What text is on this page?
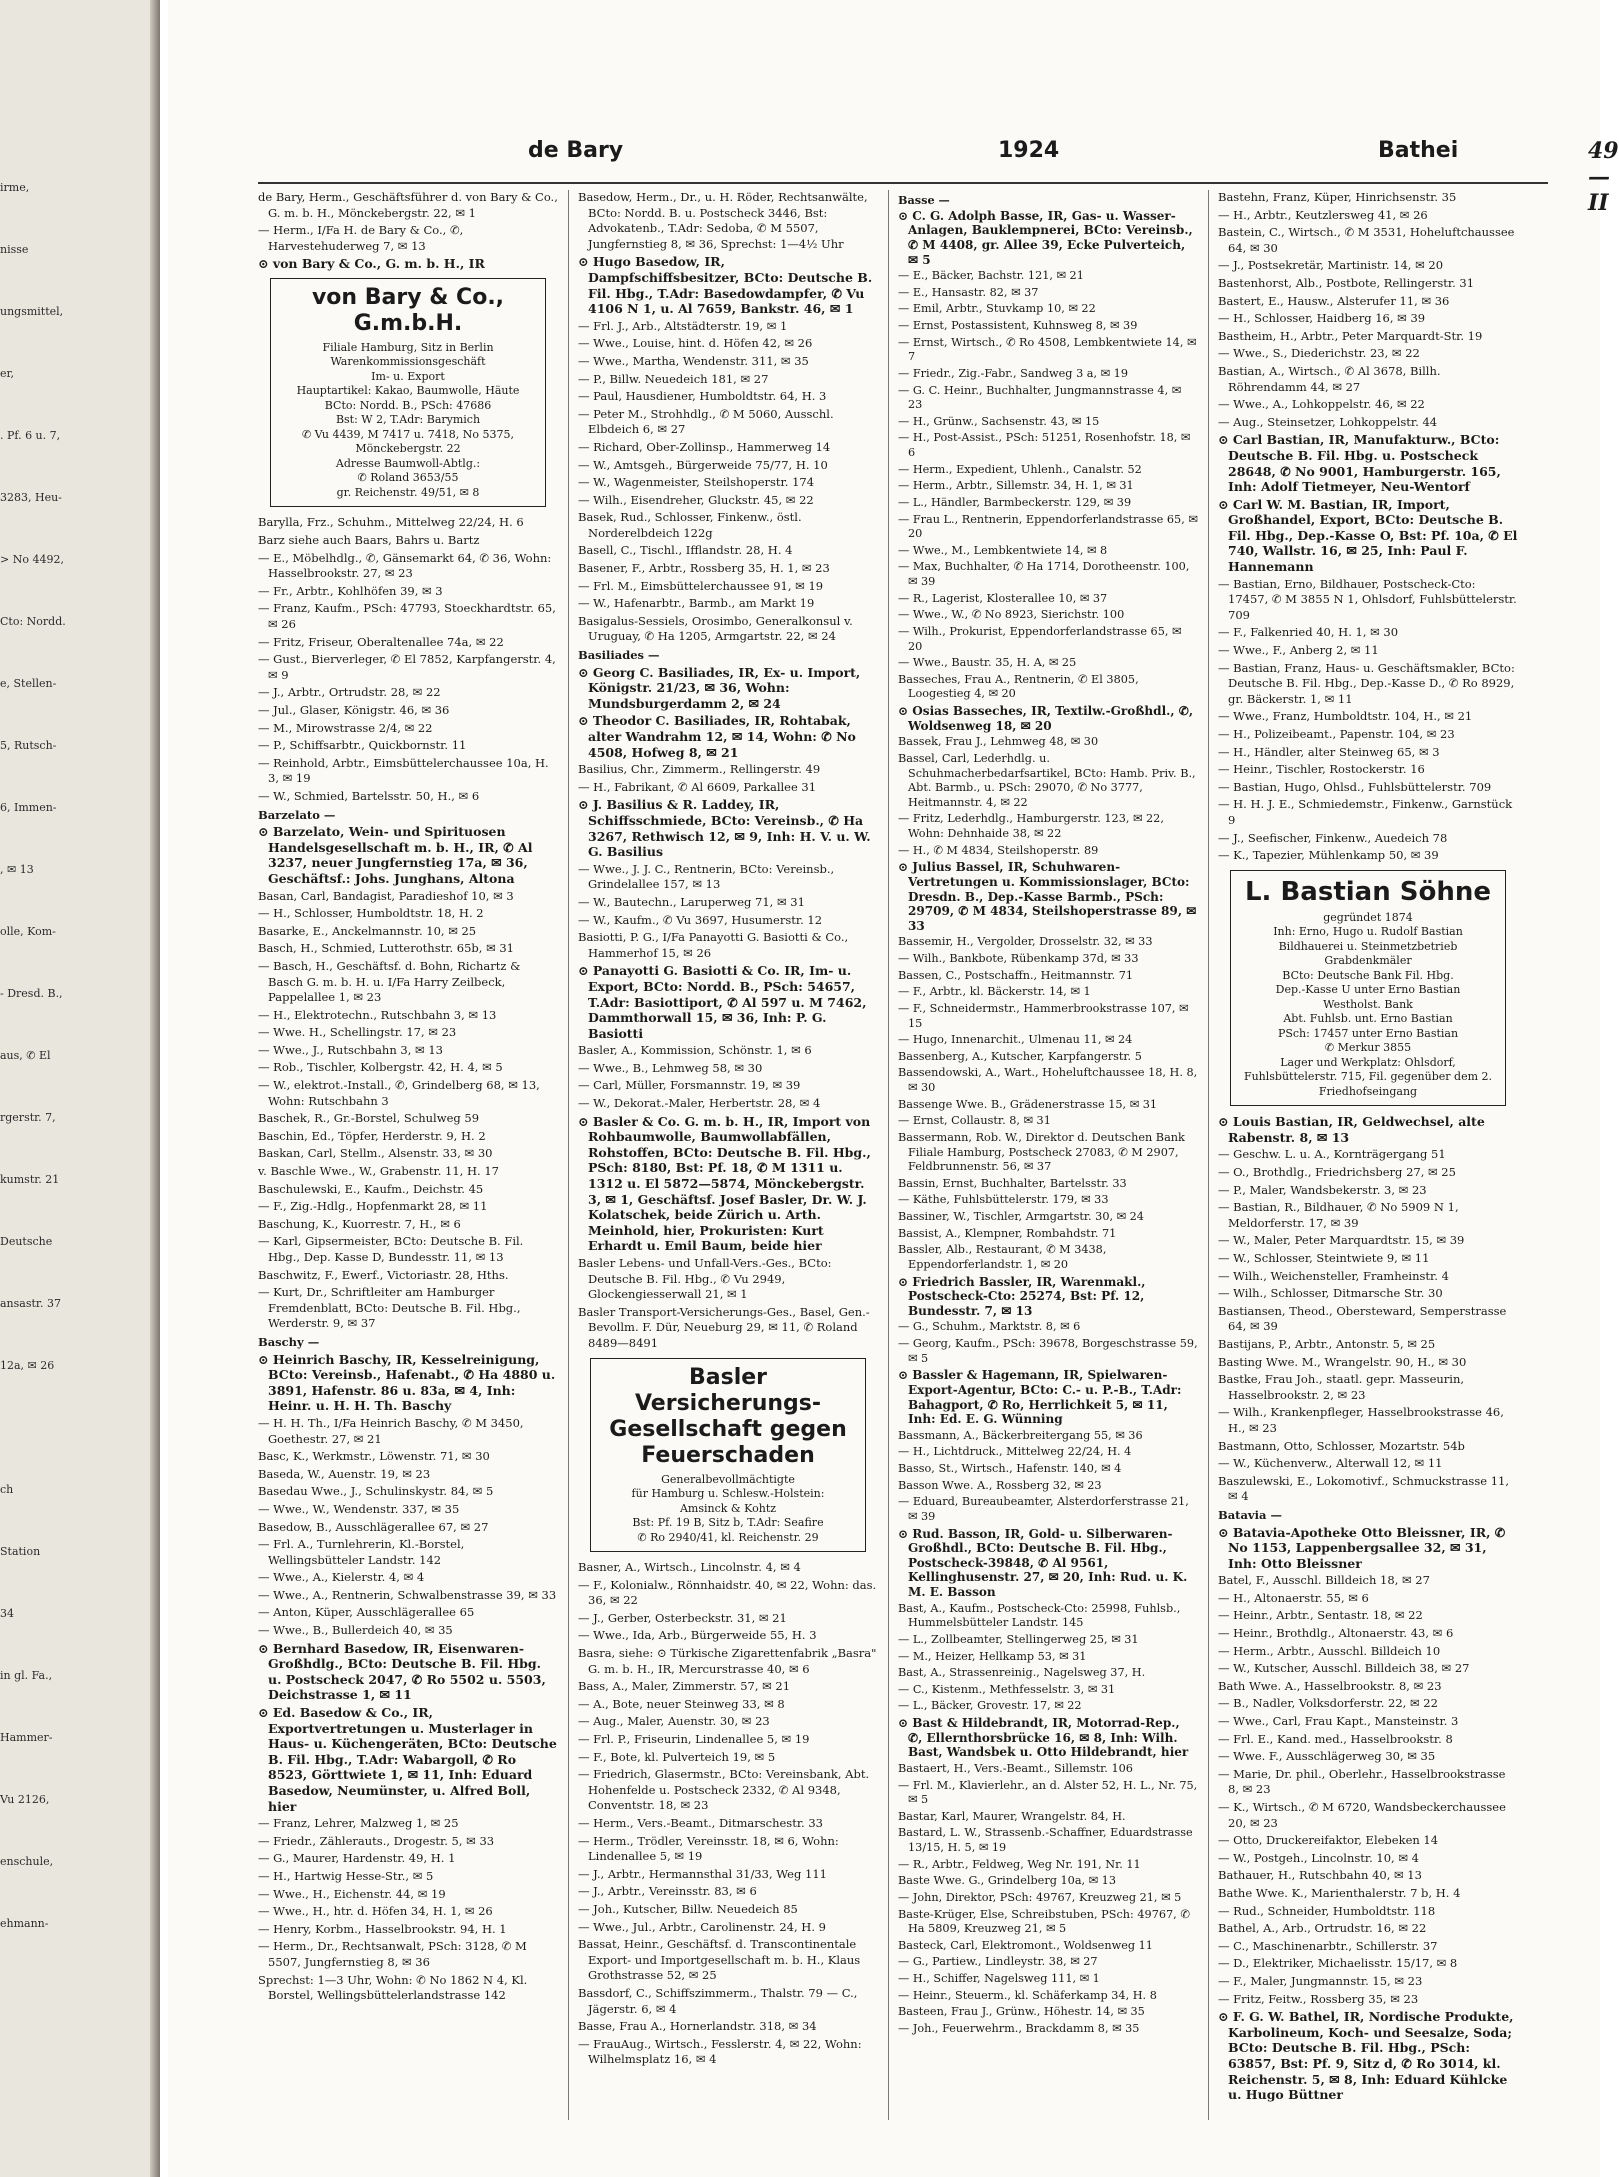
irme,
nisse
ungsmittel,
er,
. Pf. 6 u. 7,
3283, Heu-
> No 4492,
Cto: Nordd.
e, Stellen-
5, Rutsch-
6, Immen-
, ✉ 13
olle, Kom-
- Dresd. B.,
aus, ✆ El
rgerstr. 7,
kumstr. 21
Deutsche
ansastr. 37
12a, ✉ 26
ch
Station
34
in gl. Fa.,
Hammer-
Vu 2126,
enschule,
ehmann-
de Bary	1924	Bathei	49—II
de Bary, Herm., Geschäftsführer d. von Bary & Co., G. m. b. H., Mönckebergstr. 22, ✉ 1
— Herm., I/Fa H. de Bary & Co., ✆, Harvestehuderweg 7, ✉ 13
⊙ von Bary & Co., G. m. b. H., IR
von Bary & Co., G.m.b.H.
Filiale Hamburg, Sitz in Berlin
Warenkommissionsgeschäft
Im- u. Export
Hauptartikel: Kakao, Baumwolle, Häute
BCto: Nordd. B., PSch: 47686
Bst: W 2, T.Adr: Barymich
✆ Vu 4439, M 7417 u. 7418, No 5375, Mönckebergstr. 22
Adresse Baumwoll-Abtlg.:
✆ Roland 3653/55
gr. Reichenstr. 49/51, ✉ 8
Barylla, Frz., Schuhm., Mittelweg 22/24, H. 6
Barz siehe auch Baars, Bahrs u. Bartz
— E., Möbelhdlg., ✆, Gänsemarkt 64, ✆ 36, Wohn: Hasselbrookstr. 27, ✉ 23
— Fr., Arbtr., Kohlhöfen 39, ✉ 3
— Franz, Kaufm., PSch: 47793, Stoeckhardtstr. 65, ✉ 26
— Fritz, Friseur, Oberaltenallee 74a, ✉ 22
— Gust., Bierverleger, ✆ El 7852, Karpfangerstr. 4, ✉ 9
— J., Arbtr., Ortrudstr. 28, ✉ 22
— Jul., Glaser, Königstr. 46, ✉ 36
— M., Mirowstrasse 2/4, ✉ 22
— P., Schiffsarbtr., Quickbornstr. 11
— Reinhold, Arbtr., Eimsbüttelerchaussee 10a, H. 3, ✉ 19
— W., Schmied, Bartelsstr. 50, H., ✉ 6
Barzelato —
⊙ Barzelato, Wein- und Spirituosen Handelsgesellschaft m. b. H., IR, ✆ Al 3237, neuer Jungfernstieg 17a, ✉ 36, Geschäftsf.: Johs. Junghans, Altona
Basan, Carl, Bandagist, Paradieshof 10, ✉ 3
— H., Schlosser, Humboldtstr. 18, H. 2
Basarke, E., Anckelmannstr. 10, ✉ 25
Basch, H., Schmied, Lutterothstr. 65b, ✉ 31
— Basch, H., Geschäftsf. d. Bohn, Richartz & Basch G. m. b. H. u. I/Fa Harry Zeilbeck, Pappelallee 1, ✉ 23
— H., Elektrotechn., Rutschbahn 3, ✉ 13
— Wwe. H., Schellingstr. 17, ✉ 23
— Wwe., J., Rutschbahn 3, ✉ 13
— Rob., Tischler, Kolbergstr. 42, H. 4, ✉ 5
— W., elektrot.-Install., ✆, Grindelberg 68, ✉ 13, Wohn: Rutschbahn 3
Baschek, R., Gr.-Borstel, Schulweg 59
Baschin, Ed., Töpfer, Herderstr. 9, H. 2
Baskan, Carl, Stellm., Alsenstr. 33, ✉ 30
v. Baschle Wwe., W., Grabenstr. 11, H. 17
Baschulewski, E., Kaufm., Deichstr. 45
— F., Zig.-Hdlg., Hopfenmarkt 28, ✉ 11
Baschung, K., Kuorrestr. 7, H., ✉ 6
— Karl, Gipsermeister, BCto: Deutsche B. Fil. Hbg., Dep. Kasse D, Bundesstr. 11, ✉ 13
Baschwitz, F., Ewerf., Victoriastr. 28, Hths.
— Kurt, Dr., Schriftleiter am Hamburger Fremdenblatt, BCto: Deutsche B. Fil. Hbg., Werderstr. 9, ✉ 37
Baschy —
⊙ Heinrich Baschy, IR, Kesselreinigung, BCto: Vereinsb., Hafenabt., ✆ Ha 4880 u. 3891, Hafenstr. 86 u. 83a, ✉ 4, Inh: Heinr. u. H. H. Th. Baschy
— H. H. Th., I/Fa Heinrich Baschy, ✆ M 3450, Goethestr. 27, ✉ 21
Basc, K., Werkmstr., Löwenstr. 71, ✉ 30
Baseda, W., Auenstr. 19, ✉ 23
Basedau Wwe., J., Schulinskystr. 84, ✉ 5
— Wwe., W., Wendenstr. 337, ✉ 35
Basedow, B., Ausschlägerallee 67, ✉ 27
— Frl. A., Turnlehrerin, Kl.-Borstel, Wellingsbütteler Landstr. 142
— Wwe., A., Kielerstr. 4, ✉ 4
— Wwe., A., Rentnerin, Schwalbenstrasse 39, ✉ 33
— Anton, Küper, Ausschlägerallee 65
— Wwe., B., Bullerdeich 40, ✉ 35
⊙ Bernhard Basedow, IR, Eisenwaren-Großhdlg., BCto: Deutsche B. Fil. Hbg. u. Postscheck 2047, ✆ Ro 5502 u. 5503, Deichstrasse 1, ✉ 11
⊙ Ed. Basedow & Co., IR, Exportvertretungen u. Musterlager in Haus- u. Küchengeräten, BCto: Deutsche B. Fil. Hbg., T.Adr: Wabargoll, ✆ Ro 8523, Görttwiete 1, ✉ 11, Inh: Eduard Basedow, Neumünster, u. Alfred Boll, hier
— Franz, Lehrer, Malzweg 1, ✉ 25
— Friedr., Zählerauts., Drogestr. 5, ✉ 33
— G., Maurer, Hardenstr. 49, H. 1
— H., Hartwig Hesse-Str., ✉ 5
— Wwe., H., Eichenstr. 44, ✉ 19
— Wwe., H., htr. d. Höfen 34, H. 1, ✉ 26
— Henry, Korbm., Hasselbrookstr. 94, H. 1
— Herm., Dr., Rechtsanwalt, PSch: 3128, ✆ M 5507, Jungfernstieg 8, ✉ 36
Sprechst: 1—3 Uhr, Wohn: ✆ No 1862 N 4, Kl. Borstel, Wellingsbüttelerlandstrasse 142
Basedow, Herm., Dr., u. H. Röder, Rechtsanwälte, BCto: Nordd. B. u. Postscheck 3446, Bst: Advokatenb., T.Adr: Sedoba, ✆ M 5507, Jungfernstieg 8, ✉ 36, Sprechst: 1—4½ Uhr
⊙ Hugo Basedow, IR, Dampfschiffsbesitzer, BCto: Deutsche B. Fil. Hbg., T.Adr: Basedowdampfer, ✆ Vu 4106 N 1, u. Al 7659, Bankstr. 46, ✉ 1
— Frl. J., Arb., Altstädterstr. 19, ✉ 1
— Wwe., Louise, hint. d. Höfen 42, ✉ 26
— Wwe., Martha, Wendenstr. 311, ✉ 35
— P., Billw. Neuedeich 181, ✉ 27
— Paul, Hausdiener, Humboldtstr. 64, H. 3
— Peter M., Strohhdlg., ✆ M 5060, Ausschl. Elbdeich 6, ✉ 27
— Richard, Ober-Zollinsp., Hammerweg 14
— W., Amtsgeh., Bürgerweide 75/77, H. 10
— W., Wagenmeister, Steilshoperstr. 174
— Wilh., Eisendreher, Gluckstr. 45, ✉ 22
Basek, Rud., Schlosser, Finkenw., östl. Norderelbdeich 122g
Basell, C., Tischl., Ifflandstr. 28, H. 4
Basener, F., Arbtr., Rossberg 35, H. 1, ✉ 23
— Frl. M., Eimsbüttelerchaussee 91, ✉ 19
— W., Hafenarbtr., Barmb., am Markt 19
Basigalus-Sessiels, Orosimbo, Generalkonsul v. Uruguay, ✆ Ha 1205, Armgartstr. 22, ✉ 24
Basiliades —
⊙ Georg C. Basiliades, IR, Ex- u. Import, Königstr. 21/23, ✉ 36, Wohn: Mundsburgerdamm 2, ✉ 24
⊙ Theodor C. Basiliades, IR, Rohtabak, alter Wandrahm 12, ✉ 14, Wohn: ✆ No 4508, Hofweg 8, ✉ 21
Basilius, Chr., Zimmerm., Rellingerstr. 49
— H., Fabrikant, ✆ Al 6609, Parkallee 31
⊙ J. Basilius & R. Laddey, IR, Schiffsschmiede, BCto: Vereinsb., ✆ Ha 3267, Rethwisch 12, ✉ 9, Inh: H. V. u. W. G. Basilius
— Wwe., J. J. C., Rentnerin, BCto: Vereinsb., Grindelallee 157, ✉ 13
— W., Bautechn., Laruperweg 71, ✉ 31
— W., Kaufm., ✆ Vu 3697, Husumerstr. 12
Basiotti, P. G., I/Fa Panayotti G. Basiotti & Co., Hammerhof 15, ✉ 26
⊙ Panayotti G. Basiotti & Co. IR, Im- u. Export, BCto: Nordd. B., PSch: 54657, T.Adr: Basiottiport, ✆ Al 597 u. M 7462, Dammthorwall 15, ✉ 36, Inh: P. G. Basiotti
Basler, A., Kommission, Schönstr. 1, ✉ 6
— Wwe., B., Lehmweg 58, ✉ 30
— Carl, Müller, Forsmannstr. 19, ✉ 39
— W., Dekorat.-Maler, Herbertstr. 28, ✉ 4
⊙ Basler & Co. G. m. b. H., IR, Import von Rohbaumwolle, Baumwollabfällen, Rohstoffen, BCto: Deutsche B. Fil. Hbg., PSch: 8180, Bst: Pf. 18, ✆ M 1311 u. 1312 u. El 5872—5874, Mönckebergstr. 3, ✉ 1, Geschäftsf. Josef Basler, Dr. W. J. Kolatschek, beide Zürich u. Arth. Meinhold, hier, Prokuristen: Kurt Erhardt u. Emil Baum, beide hier
Basler Lebens- und Unfall-Vers.-Ges., BCto: Deutsche B. Fil. Hbg., ✆ Vu 2949, Glockengiesserwall 21, ✉ 1
Basler Transport-Versicherungs-Ges., Basel, Gen.-Bevollm. F. Dür, Neueburg 29, ✉ 11, ✆ Roland 8489—8491
Basler Versicherungs-Gesellschaft gegen Feuerschaden
Generalbevollmächtigte
für Hamburg u. Schlesw.-Holstein:
Amsinck & Kohtz
Bst: Pf. 19 B, Sitz b, T.Adr: Seafire
✆ Ro 2940/41, kl. Reichenstr. 29
Basner, A., Wirtsch., Lincolnstr. 4, ✉ 4
— F., Kolonialw., Rönnhaidstr. 40, ✉ 22, Wohn: das. 36, ✉ 22
— J., Gerber, Osterbeckstr. 31, ✉ 21
— Wwe., Ida, Arb., Bürgerweide 55, H. 3
Basra, siehe: ⊙ Türkische Zigarettenfabrik „Basra" G. m. b. H., IR, Mercurstrasse 40, ✉ 6
Bass, A., Maler, Zimmerstr. 57, ✉ 21
— A., Bote, neuer Steinweg 33, ✉ 8
— Aug., Maler, Auenstr. 30, ✉ 23
— Frl. P., Friseurin, Lindenallee 5, ✉ 19
— F., Bote, kl. Pulverteich 19, ✉ 5
— Friedrich, Glasermstr., BCto: Vereinsbank, Abt. Hohenfelde u. Postscheck 2332, ✆ Al 9348, Conventstr. 18, ✉ 23
— Herm., Vers.-Beamt., Ditmarschestr. 33
— Herm., Trödler, Vereinsstr. 18, ✉ 6, Wohn: Lindenallee 5, ✉ 19
— J., Arbtr., Hermannsthal 31/33, Weg 111
— J., Arbtr., Vereinsstr. 83, ✉ 6
— Joh., Kutscher, Billw. Neuedeich 85
— Wwe., Jul., Arbtr., Carolinenstr. 24, H. 9
Bassat, Heinr., Geschäftsf. d. Transcontinentale Export- und Importgesellschaft m. b. H., Klaus Grothstrasse 52, ✉ 25
Bassdorf, C., Schiffszimmerm., Thalstr. 79 — C., Jägerstr. 6, ✉ 4
Basse, Frau A., Hornerlandstr. 318, ✉ 34
— FrauAug., Wirtsch., Fesslerstr. 4, ✉ 22, Wohn: Wilhelmsplatz 16, ✉ 4
Basse —
⊙ C. G. Adolph Basse, IR, Gas- u. Wasser-Anlagen, Bauklempnerei, BCto: Vereinsb., ✆ M 4408, gr. Allee 39, Ecke Pulverteich, ✉ 5
— E., Bäcker, Bachstr. 121, ✉ 21
— E., Hansastr. 82, ✉ 37
— Emil, Arbtr., Stuvkamp 10, ✉ 22
— Ernst, Postassistent, Kuhnsweg 8, ✉ 39
— Ernst, Wirtsch., ✆ Ro 4508, Lembkentwiete 14, ✉ 7
— Friedr., Zig.-Fabr., Sandweg 3 a, ✉ 19
— G. C. Heinr., Buchhalter, Jungmannstrasse 4, ✉ 23
— H., Grünw., Sachsenstr. 43, ✉ 15
— H., Post-Assist., PSch: 51251, Rosenhofstr. 18, ✉ 6
— Herm., Expedient, Uhlenh., Canalstr. 52
— Herm., Arbtr., Sillemstr. 34, H. 1, ✉ 31
— L., Händler, Barmbeckerstr. 129, ✉ 39
— Frau L., Rentnerin, Eppendorferlandstrasse 65, ✉ 20
— Wwe., M., Lembkentwiete 14, ✉ 8
— Max, Buchhalter, ✆ Ha 1714, Dorotheenstr. 100, ✉ 39
— R., Lagerist, Klosterallee 10, ✉ 37
— Wwe., W., ✆ No 8923, Sierichstr. 100
— Wilh., Prokurist, Eppendorferlandstrasse 65, ✉ 20
— Wwe., Baustr. 35, H. A, ✉ 25
Basseches, Frau A., Rentnerin, ✆ El 3805, Loogestieg 4, ✉ 20
⊙ Osias Basseches, IR, Textilw.-Großhdl., ✆, Woldsenweg 18, ✉ 20
Bassek, Frau J., Lehmweg 48, ✉ 30
Bassel, Carl, Lederhdlg. u. Schuhmacherbedarfsartikel, BCto: Hamb. Priv. B., Abt. Barmb., u. PSch: 29070, ✆ No 3777, Heitmannstr. 4, ✉ 22
— Fritz, Lederhdlg., Hamburgerstr. 123, ✉ 22, Wohn: Dehnhaide 38, ✉ 22
— H., ✆ M 4834, Steilshoperstr. 89
⊙ Julius Bassel, IR, Schuhwaren-Vertretungen u. Kommissionslager, BCto: Dresdn. B., Dep.-Kasse Barmb., PSch: 29709, ✆ M 4834, Steilshoperstrasse 89, ✉ 33
Bassemir, H., Vergolder, Drosselstr. 32, ✉ 33
— Wilh., Bankbote, Rübenkamp 37d, ✉ 33
Bassen, C., Postschaffn., Heitmannstr. 71
— F., Arbtr., kl. Bäckerstr. 14, ✉ 1
— F., Schneidermstr., Hammerbrookstrasse 107, ✉ 15
— Hugo, Innenarchit., Ulmenau 11, ✉ 24
Bassenberg, A., Kutscher, Karpfangerstr. 5
Bassendowski, A., Wart., Hoheluftchaussee 18, H. 8, ✉ 30
Bassenge Wwe. B., Grädenerstrasse 15, ✉ 31
— Ernst, Collaustr. 8, ✉ 31
Bassermann, Rob. W., Direktor d. Deutschen Bank Filiale Hamburg, Postscheck 27083, ✆ M 2907, Feldbrunnenstr. 56, ✉ 37
Bassin, Ernst, Buchhalter, Bartelsstr. 33
— Käthe, Fuhlsbüttelerstr. 179, ✉ 33
Bassiner, W., Tischler, Armgartstr. 30, ✉ 24
Bassist, A., Klempner, Rombahdstr. 71
Bassler, Alb., Restaurant, ✆ M 3438, Eppendorferlandstr. 1, ✉ 20
⊙ Friedrich Bassler, IR, Warenmakl., Postscheck-Cto: 25274, Bst: Pf. 12, Bundesstr. 7, ✉ 13
— G., Schuhm., Marktstr. 8, ✉ 6
— Georg, Kaufm., PSch: 39678, Borgeschstrasse 59, ✉ 5
⊙ Bassler & Hagemann, IR, Spielwaren-Export-Agentur, BCto: C.- u. P.-B., T.Adr: Bahagport, ✆ Ro, Herrlichkeit 5, ✉ 11, Inh: Ed. E. G. Wünning
Bassmann, A., Bäckerbreitergang 55, ✉ 36
— H., Lichtdruck., Mittelweg 22/24, H. 4
Basso, St., Wirtsch., Hafenstr. 140, ✉ 4
Basson Wwe. A., Rossberg 32, ✉ 23
— Eduard, Bureaubeamter, Alsterdorferstrasse 21, ✉ 39
⊙ Rud. Basson, IR, Gold- u. Silberwaren-Großhdl., BCto: Deutsche B. Fil. Hbg., Postscheck-39848, ✆ Al 9561, Kellinghusenstr. 27, ✉ 20, Inh: Rud. u. K. M. E. Basson
Bast, A., Kaufm., Postscheck-Cto: 25998, Fuhlsb., Hummelsbütteler Landstr. 145
— L., Zollbeamter, Stellingerweg 25, ✉ 31
— M., Heizer, Hellkamp 53, ✉ 31
Bast, A., Strassenreinig., Nagelsweg 37, H.
— C., Kistenm., Methfesselstr. 3, ✉ 31
— L., Bäcker, Grovestr. 17, ✉ 22
⊙ Bast & Hildebrandt, IR, Motorrad-Rep., ✆, Ellernthorsbrücke 16, ✉ 8, Inh: Wilh. Bast, Wandsbek u. Otto Hildebrandt, hier
Bastaert, H., Vers.-Beamt., Sillemstr. 106
— Frl. M., Klavierlehr., an d. Alster 52, H. L., Nr. 75, ✉ 5
Bastar, Karl, Maurer, Wrangelstr. 84, H.
Bastard, L. W., Strassenb.-Schaffner, Eduardstrasse 13/15, H. 5, ✉ 19
— R., Arbtr., Feldweg, Weg Nr. 191, Nr. 11
Baste Wwe. G., Grindelberg 10a, ✉ 13
— John, Direktor, PSch: 49767, Kreuzweg 21, ✉ 5
Baste-Krüger, Else, Schreibstuben, PSch: 49767, ✆ Ha 5809, Kreuzweg 21, ✉ 5
Basteck, Carl, Elektromont., Woldsenweg 11
— G., Partiew., Lindleystr. 38, ✉ 27
— H., Schiffer, Nagelsweg 111, ✉ 1
— Heinr., Steuerm., kl. Schäferkamp 34, H. 8
Basteen, Frau J., Grünw., Höhestr. 14, ✉ 35
— Joh., Feuerwehrm., Brackdamm 8, ✉ 35
Bastehn, Franz, Küper, Hinrichsenstr. 35
— H., Arbtr., Keutzlersweg 41, ✉ 26
Bastein, C., Wirtsch., ✆ M 3531, Hoheluftchaussee 64, ✉ 30
— J., Postsekretär, Martinistr. 14, ✉ 20
Bastenhorst, Alb., Postbote, Rellingerstr. 31
Bastert, E., Hausw., Alsterufer 11, ✉ 36
— H., Schlosser, Haidberg 16, ✉ 39
Bastheim, H., Arbtr., Peter Marquardt-Str. 19
— Wwe., S., Diederichstr. 23, ✉ 22
Bastian, A., Wirtsch., ✆ Al 3678, Billh. Röhrendamm 44, ✉ 27
— Wwe., A., Lohkoppelstr. 46, ✉ 22
— Aug., Steinsetzer, Lohkoppelstr. 44
⊙ Carl Bastian, IR, Manufakturw., BCto: Deutsche B. Fil. Hbg. u. Postscheck 28648, ✆ No 9001, Hamburgerstr. 165, Inh: Adolf Tietmeyer, Neu-Wentorf
⊙ Carl W. M. Bastian, IR, Import, Großhandel, Export, BCto: Deutsche B. Fil. Hbg., Dep.-Kasse O, Bst: Pf. 10a, ✆ El 740, Wallstr. 16, ✉ 25, Inh: Paul F. Hannemann
— Bastian, Erno, Bildhauer, Postscheck-Cto: 17457, ✆ M 3855 N 1, Ohlsdorf, Fuhlsbüttelerstr. 709
— F., Falkenried 40, H. 1, ✉ 30
— Wwe., F., Anberg 2, ✉ 11
— Bastian, Franz, Haus- u. Geschäftsmakler, BCto: Deutsche B. Fil. Hbg., Dep.-Kasse D., ✆ Ro 8929, gr. Bäckerstr. 1, ✉ 11
— Wwe., Franz, Humboldtstr. 104, H., ✉ 21
— H., Polizeibeamt., Papenstr. 104, ✉ 23
— H., Händler, alter Steinweg 65, ✉ 3
— Heinr., Tischler, Rostockerstr. 16
— Bastian, Hugo, Ohlsd., Fuhlsbüttelerstr. 709
— H. H. J. E., Schmiedemstr., Finkenw., Garnstück 9
— J., Seefischer, Finkenw., Auedeich 78
— K., Tapezier, Mühlenkamp 50, ✉ 39
L. Bastian Söhne
gegründet 1874
Inh: Erno, Hugo u. Rudolf Bastian
Bildhauerei u. Steinmetzbetrieb
Grabdenkmäler
BCto: Deutsche Bank Fil. Hbg.
Dep.-Kasse U unter Erno Bastian
Westholst. Bank
Abt. Fuhlsb. unt. Erno Bastian
PSch: 17457 unter Erno Bastian
✆ Merkur 3855
Lager und Werkplatz: Ohlsdorf,
Fuhlsbüttelerstr. 715, Fil. gegenüber dem 2. Friedhofseingang
⊙ Louis Bastian, IR, Geldwechsel, alte Rabenstr. 8, ✉ 13
— Geschw. L. u. A., Kornträgergang 51
— O., Brothdlg., Friedrichsberg 27, ✉ 25
— P., Maler, Wandsbekerstr. 3, ✉ 23
— Bastian, R., Bildhauer, ✆ No 5909 N 1, Meldorferstr. 17, ✉ 39
— W., Maler, Peter Marquardtstr. 15, ✉ 39
— W., Schlosser, Steintwiete 9, ✉ 11
— Wilh., Weichensteller, Framheinstr. 4
— Wilh., Schlosser, Ditmarsche Str. 30
Bastiansen, Theod., Obersteward, Semperstrasse 64, ✉ 39
Bastijans, P., Arbtr., Antonstr. 5, ✉ 25
Basting Wwe. M., Wrangelstr. 90, H., ✉ 30
Bastke, Frau Joh., staatl. gepr. Masseurin, Hasselbrookstr. 2, ✉ 23
— Wilh., Krankenpfleger, Hasselbrookstrasse 46, H., ✉ 23
Bastmann, Otto, Schlosser, Mozartstr. 54b
— W., Küchenverw., Alterwall 12, ✉ 11
Baszulewski, E., Lokomotivf., Schmuckstrasse 11, ✉ 4
Batavia —
⊙ Batavia-Apotheke Otto Bleissner, IR, ✆ No 1153, Lappenbergsallee 32, ✉ 31, Inh: Otto Bleissner
Batel, F., Ausschl. Billdeich 18, ✉ 27
— H., Altonaerstr. 55, ✉ 6
— Heinr., Arbtr., Sentastr. 18, ✉ 22
— Heinr., Brothdlg., Altonaerstr. 43, ✉ 6
— Herm., Arbtr., Ausschl. Billdeich 10
— W., Kutscher, Ausschl. Billdeich 38, ✉ 27
Bath Wwe. A., Hasselbrookstr. 8, ✉ 23
— B., Nadler, Volksdorferstr. 22, ✉ 22
— Wwe., Carl, Frau Kapt., Mansteinstr. 3
— Frl. E., Kand. med., Hasselbrookstr. 8
— Wwe. F., Ausschlägerweg 30, ✉ 35
— Marie, Dr. phil., Oberlehr., Hasselbrookstrasse 8, ✉ 23
— K., Wirtsch., ✆ M 6720, Wandsbeckerchaussee 20, ✉ 23
— Otto, Druckereifaktor, Elebeken 14
— W., Postgeh., Lincolnstr. 10, ✉ 4
Bathauer, H., Rutschbahn 40, ✉ 13
Bathe Wwe. K., Marienthalerstr. 7 b, H. 4
— Rud., Schneider, Humboldtstr. 118
Bathel, A., Arb., Ortrudstr. 16, ✉ 22
— C., Maschinenarbtr., Schillerstr. 37
— D., Elektriker, Michaelisstr. 15/17, ✉ 8
— F., Maler, Jungmannstr. 15, ✉ 23
— Fritz, Feitw., Rossberg 35, ✉ 23
⊙ F. G. W. Bathel, IR, Nordische Produkte, Karbolineum, Koch- und Seesalze, Soda; BCto: Deutsche B. Fil. Hbg., PSch: 63857, Bst: Pf. 9, Sitz d, ✆ Ro 3014, kl. Reichenstr. 5, ✉ 8, Inh: Eduard Kühlcke u. Hugo Büttner
